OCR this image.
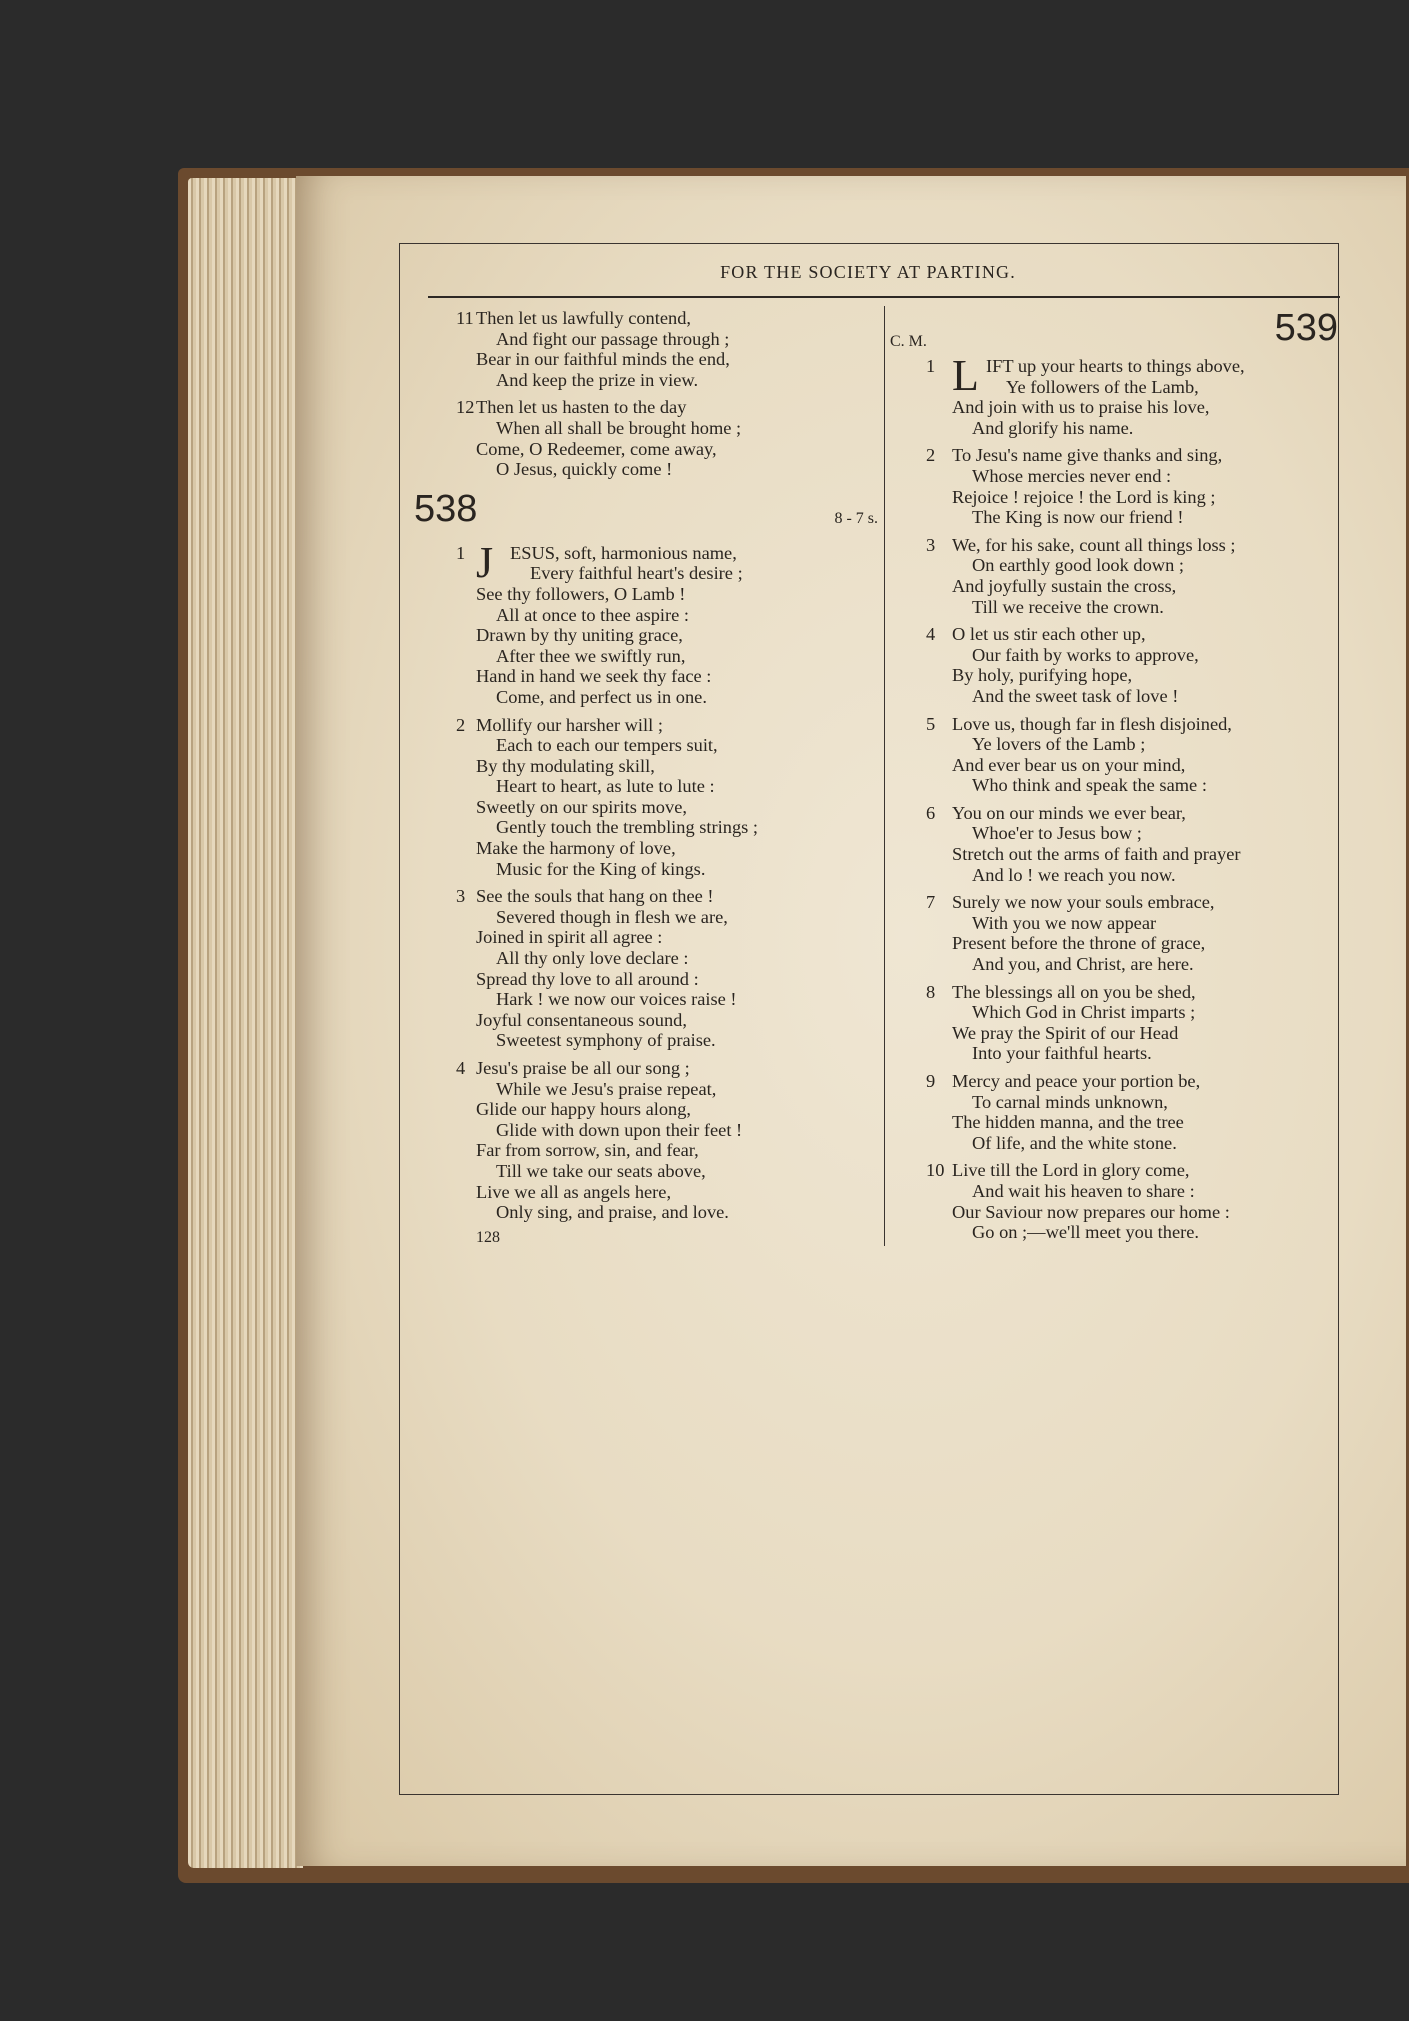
FOR THE SOCIETY AT PARTING.
11 Then let us lawfully contend,
And fight our passage through ;
Bear in our faithful minds the end,
And keep the prize in view.
12 Then let us hasten to the day
When all shall be brought home ;
Come, O Redeemer, come away,
O Jesus, quickly come !
538	8 - 7 s.
1 J ESUS, soft, harmonious name,
Every faithful heart's desire ;
See thy followers, O Lamb !
All at once to thee aspire :
Drawn by thy uniting grace,
After thee we swiftly run,
Hand in hand we seek thy face :
Come, and perfect us in one.
2 Mollify our harsher will ;
Each to each our tempers suit,
By thy modulating skill,
Heart to heart, as lute to lute :
Sweetly on our spirits move,
Gently touch the trembling strings ;
Make the harmony of love,
Music for the King of kings.
3 See the souls that hang on thee !
Severed though in flesh we are,
Joined in spirit all agree :
All thy only love declare :
Spread thy love to all around :
Hark ! we now our voices raise !
Joyful consentaneous sound,
Sweetest symphony of praise.
4 Jesu's praise be all our song ;
While we Jesu's praise repeat,
Glide our happy hours along,
Glide with down upon their feet !
Far from sorrow, sin, and fear,
Till we take our seats above,
Live we all as angels here,
Only sing, and praise, and love.
128
C. M.	539
1 L IFT up your hearts to things above,
Ye followers of the Lamb,
And join with us to praise his love,
And glorify his name.
2 To Jesu's name give thanks and sing,
Whose mercies never end :
Rejoice ! rejoice ! the Lord is king ;
The King is now our friend !
3 We, for his sake, count all things loss ;
On earthly good look down ;
And joyfully sustain the cross,
Till we receive the crown.
4 O let us stir each other up,
Our faith by works to approve,
By holy, purifying hope,
And the sweet task of love !
5 Love us, though far in flesh disjoined,
Ye lovers of the Lamb ;
And ever bear us on your mind,
Who think and speak the same :
6 You on our minds we ever bear,
Whoe'er to Jesus bow ;
Stretch out the arms of faith and prayer
And lo ! we reach you now.
7 Surely we now your souls embrace,
With you we now appear
Present before the throne of grace,
And you, and Christ, are here.
8 The blessings all on you be shed,
Which God in Christ imparts ;
We pray the Spirit of our Head
Into your faithful hearts.
9 Mercy and peace your portion be,
To carnal minds unknown,
The hidden manna, and the tree
Of life, and the white stone.
10 Live till the Lord in glory come,
And wait his heaven to share :
Our Saviour now prepares our home :
Go on ;—we'll meet you there.
